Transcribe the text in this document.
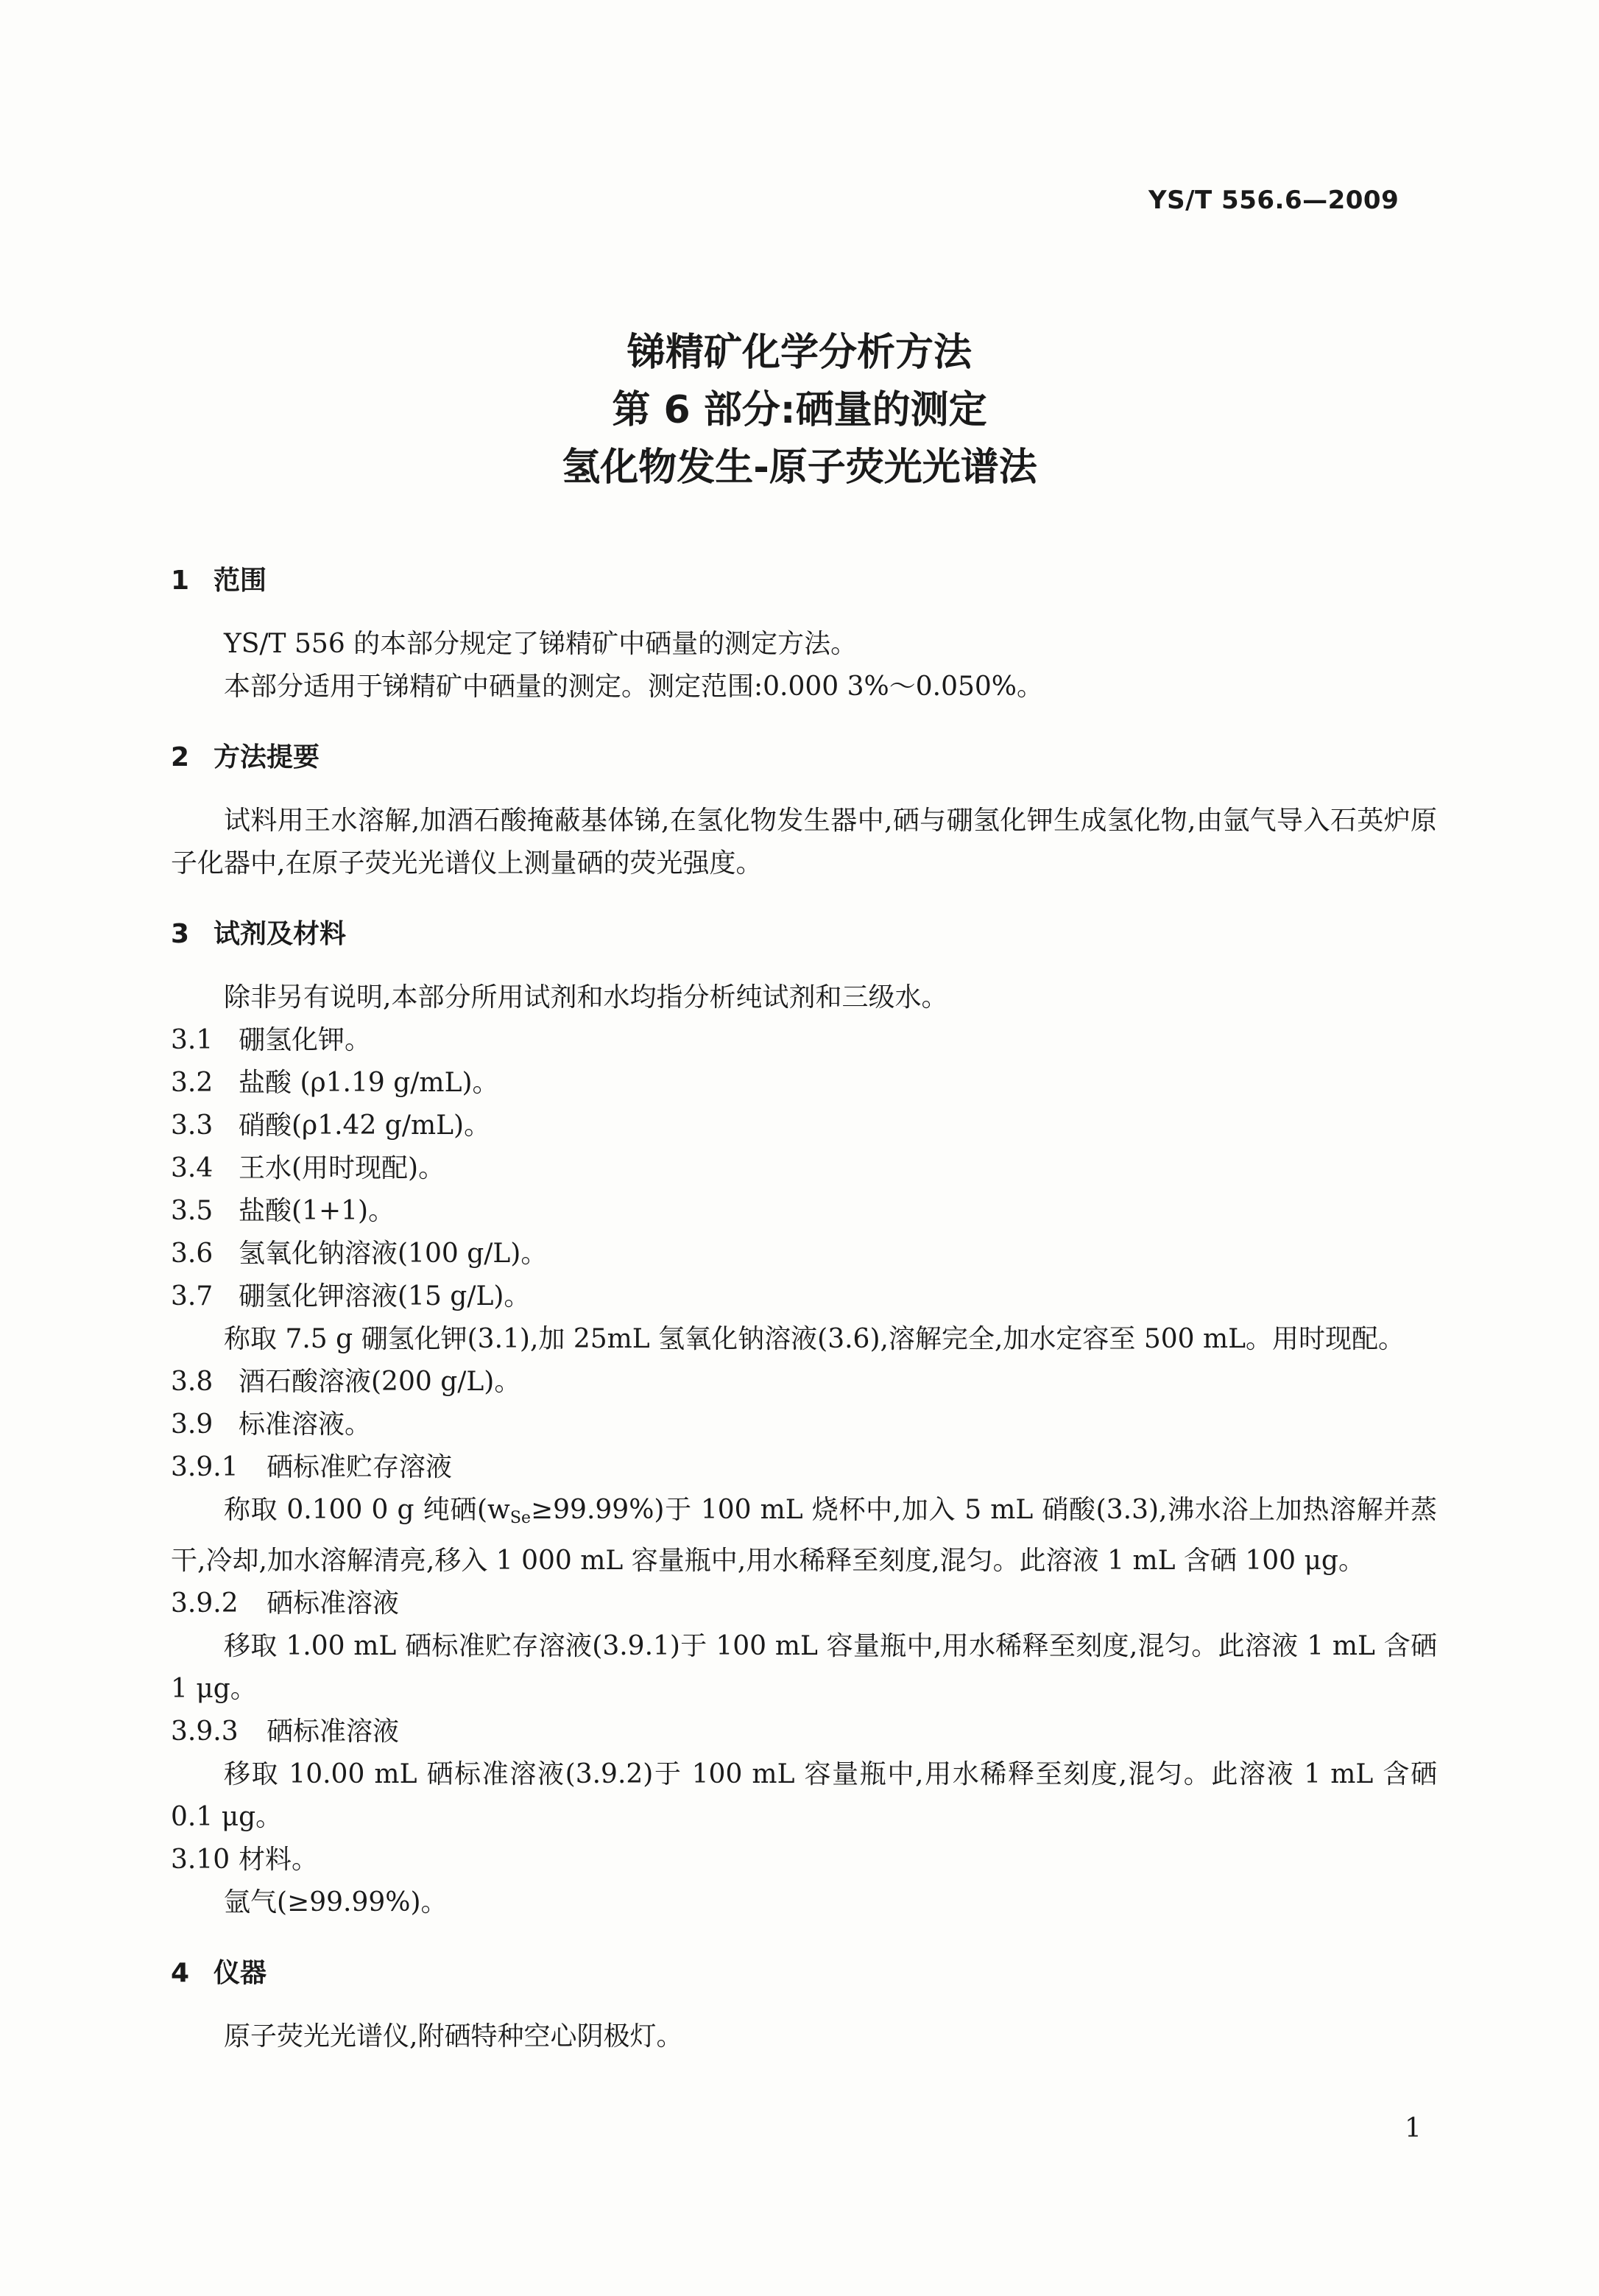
YS/T 556.6—2009
锑精矿化学分析方法
第 6 部分:硒量的测定
氢化物发生-原子荧光光谱法
1 范围

YS/T 556 的本部分规定了锑精矿中硒量的测定方法。

本部分适用于锑精矿中硒量的测定。测定范围:0.000 3%～0.050%。

2 方法提要

试料用王水溶解,加酒石酸掩蔽基体锑,在氢化物发生器中,硒与硼氢化钾生成氢化物,由氩气导入石英炉原子化器中,在原子荧光光谱仪上测量硒的荧光强度。

3 试剂及材料

除非另有说明,本部分所用试剂和水均指分析纯试剂和三级水。

3.1 硼氢化钾。
3.2 盐酸 (ρ1.19 g/mL)。
3.3 硝酸(ρ1.42 g/mL)。
3.4 王水(用时现配)。
3.5 盐酸(1+1)。
3.6 氢氧化钠溶液(100 g/L)。
3.7 硼氢化钾溶液(15 g/L)。

称取 7.5 g 硼氢化钾(3.1),加 25mL 氢氧化钠溶液(3.6),溶解完全,加水定容至 500 mL。用时现配。

3.8 酒石酸溶液(200 g/L)。
3.9 标准溶液。
3.9.1 硒标准贮存溶液

称取 0.100 0 g 纯硒(wSe≥99.99%)于 100 mL 烧杯中,加入 5 mL 硝酸(3.3),沸水浴上加热溶解并蒸干,冷却,加水溶解清亮,移入 1 000 mL 容量瓶中,用水稀释至刻度,混匀。此溶液 1 mL 含硒 100 μg。

3.9.2 硒标准溶液

移取 1.00 mL 硒标准贮存溶液(3.9.1)于 100 mL 容量瓶中,用水稀释至刻度,混匀。此溶液 1 mL 含硒 1 μg。

3.9.3 硒标准溶液

移取 10.00 mL 硒标准溶液(3.9.2)于 100 mL 容量瓶中,用水稀释至刻度,混匀。此溶液 1 mL 含硒 0.1 μg。

3.10 材料。

氩气(≥99.99%)。

4 仪器

原子荧光光谱仪,附硒特种空心阴极灯。

1
